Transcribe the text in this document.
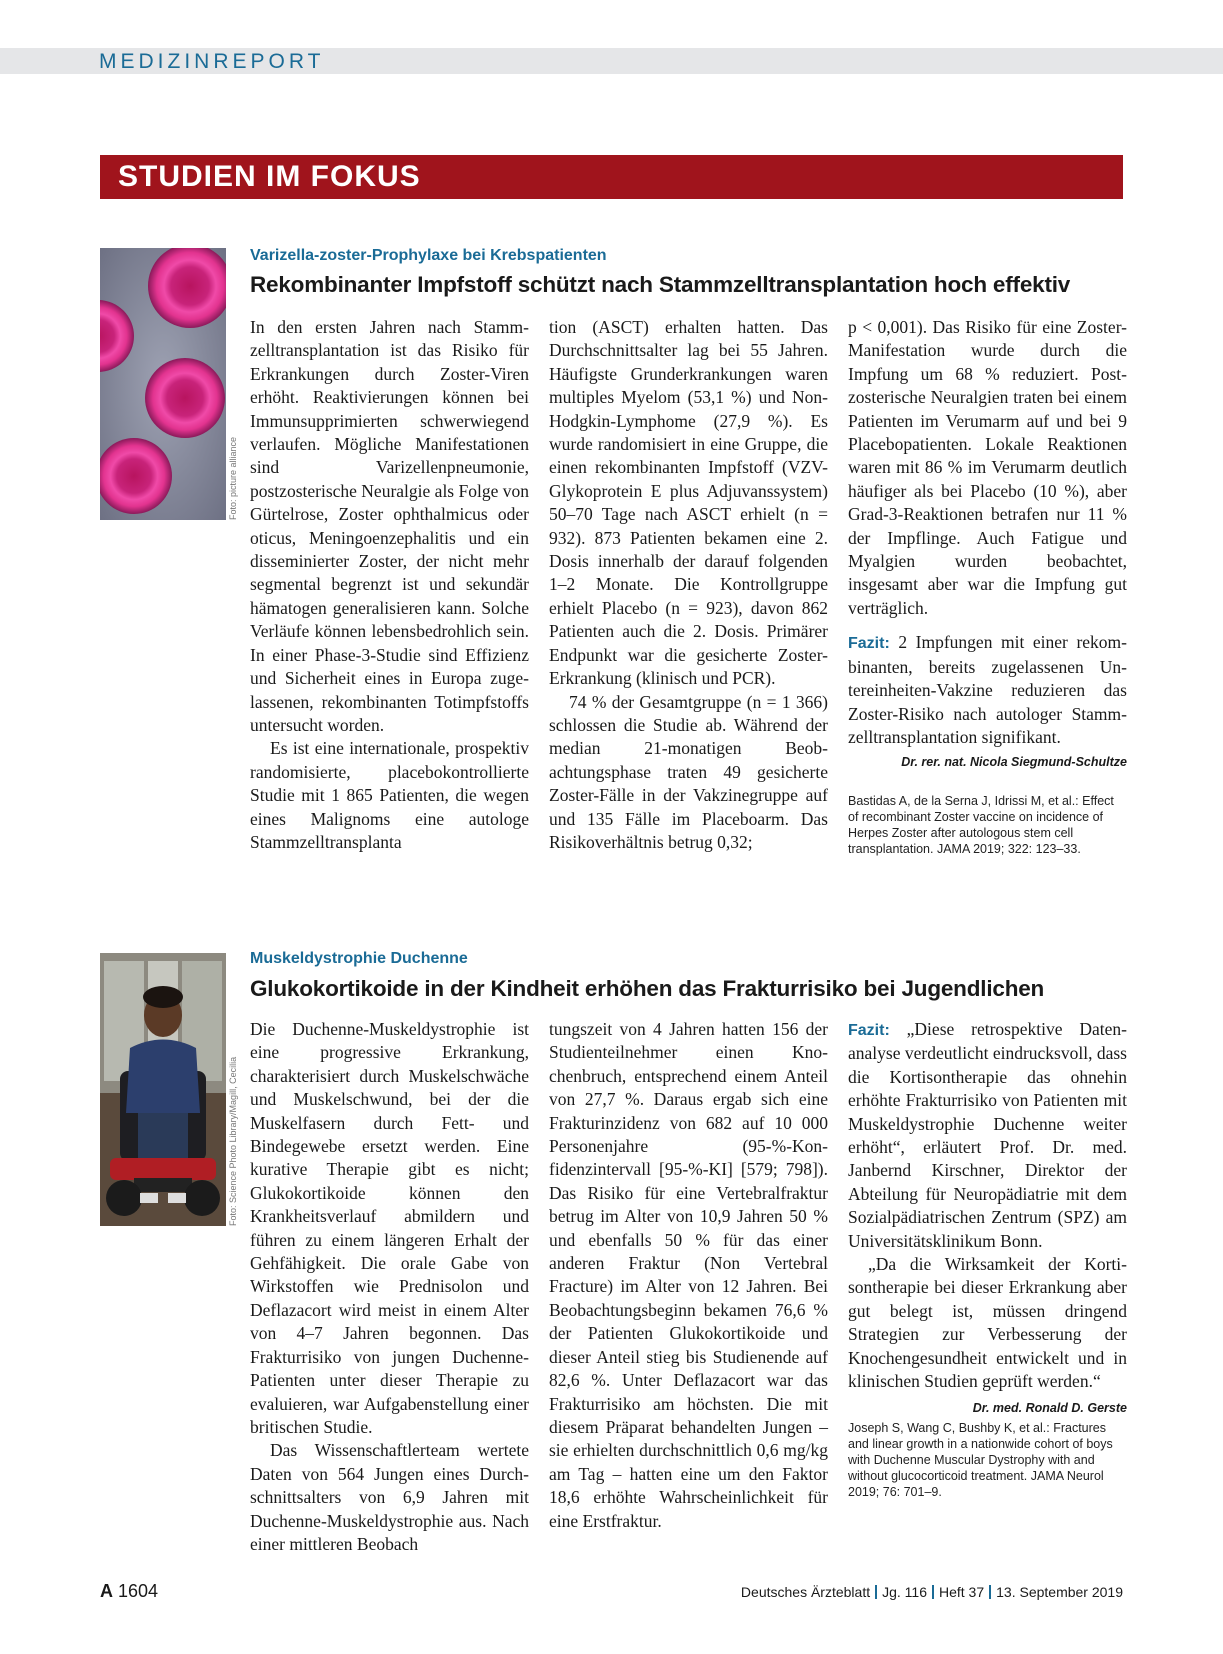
MEDIZINREPORT
STUDIEN IM FOKUS
Foto: picture alliance
Varizella-zoster-Prophylaxe bei Krebspatienten
Rekombinanter Impfstoff schützt nach Stammzelltransplantation hoch effektiv

In den ersten Jahren nach Stammzelltransplantation ist das Risiko für Erkrankungen durch Zoster-Viren erhöht. Reaktivierungen können bei Immunsupprimierten schwerwiegend verlaufen. Mögliche Manifestationen sind Varizellenpneumonie, postzosterische Neuralgie als Folge von Gürtelrose, Zoster ophthalmicus oder oticus, Meningoenzephalitis und ein disseminierter Zoster, der nicht mehr segmental begrenzt ist und sekundär hämatogen generalisieren kann. Solche Verläufe können lebensbedrohlich sein. In einer Phase-3-Studie sind Effizienz und Sicherheit eines in Europa zugelassenen, rekombinanten Totimpfstoffs untersucht worden.

Es ist eine internationale, prospektiv randomisierte, placebokontrollierte Studie mit 1 865 Patienten, die wegen eines Malignoms eine autologe Stammzelltransplanta

tion (ASCT) erhalten hatten. Das Durchschnittsalter lag bei 55 Jahren. Häufigste Grunderkrankungen waren multiples Myelom (53,1 %) und Non-Hodgkin-Lymphome (27,9 %). Es wurde randomisiert in eine Gruppe, die einen rekombinanten Impfstoff (VZV-Glykoprotein E plus Adjuvanssystem) 50–70 Tage nach ASCT erhielt (n = 932). 873 Patienten bekamen eine 2. Dosis innerhalb der darauf folgenden 1–2 Monate. Die Kontrollgruppe erhielt Placebo (n = 923), davon 862 Patienten auch die 2. Dosis. Primärer Endpunkt war die gesicherte Zoster-Erkrankung (klinisch und PCR).

74 % der Gesamtgruppe (n = 1 366) schlossen die Studie ab. Während der median 21-monatigen Beobachtungsphase traten 49 gesicherte Zoster-Fälle in der Vakzinegruppe auf und 135 Fälle im Placeboarm. Das Risikoverhältnis betrug 0,32;

p < 0,001). Das Risiko für eine Zoster-Manifestation wurde durch die Impfung um 68 % reduziert. Postzosterische Neuralgien traten bei einem Patienten im Verumarm auf und bei 9 Placebopatienten. Lokale Reaktionen waren mit 86 % im Verumarm deutlich häufiger als bei Placebo (10 %), aber Grad-3-Reaktionen betrafen nur 11 % der Impflinge. Auch Fatigue und Myalgien wurden beobachtet, insgesamt aber war die Impfung gut verträglich.

Fazit: 2 Impfungen mit einer rekombinanten, bereits zugelassenen Untereinheiten-Vakzine reduzieren das Zoster-Risiko nach autologer Stammzelltransplantation signifikant.

Dr. rer. nat. Nicola Siegmund-Schultze

Bastidas A, de la Serna J, Idrissi M, et al.: Effect of recombinant Zoster vaccine on incidence of Herpes Zoster after autologous stem cell transplantation. JAMA 2019; 322: 123–33.

Foto: Science Photo Library/Magill, Cecilia
Muskeldystrophie Duchenne
Glukokortikoide in der Kindheit erhöhen das Frakturrisiko bei Jugendlichen

Die Duchenne-Muskeldystrophie ist eine progressive Erkrankung, charakterisiert durch Muskelschwäche und Muskelschwund, bei der die Muskelfasern durch Fett- und Bindegewebe ersetzt werden. Eine kurative Therapie gibt es nicht; Glukokortikoide können den Krankheitsverlauf abmildern und führen zu einem längeren Erhalt der Gehfähigkeit. Die orale Gabe von Wirkstoffen wie Prednisolon und Deflazacort wird meist in einem Alter von 4–7 Jahren begonnen. Das Frakturrisiko von jungen Duchenne-Patienten unter dieser Therapie zu evaluieren, war Aufgabenstellung einer britischen Studie.

Das Wissenschaftlerteam wertete Daten von 564 Jungen eines Durchschnittsalters von 6,9 Jahren mit Duchenne-Muskeldystrophie aus. Nach einer mittleren Beobach

tungszeit von 4 Jahren hatten 156 der Studienteilnehmer einen Knochenbruch, entsprechend einem Anteil von 27,7 %. Daraus ergab sich eine Frakturinzidenz von 682 auf 10 000 Personenjahre (95-%-Konfidenzintervall [95-%-KI] [579; 798]). Das Risiko für eine Vertebralfraktur betrug im Alter von 10,9 Jahren 50 % und ebenfalls 50 % für das einer anderen Fraktur (Non Vertebral Fracture) im Alter von 12 Jahren. Bei Beobachtungsbeginn bekamen 76,6 % der Patienten Glukokortikoide und dieser Anteil stieg bis Studienende auf 82,6 %. Unter Deflazacort war das Frakturrisiko am höchsten. Die mit diesem Präparat behandelten Jungen – sie erhielten durchschnittlich 0,6 mg/kg am Tag – hatten eine um den Faktor 18,6 erhöhte Wahrscheinlichkeit für eine Erstfraktur.

Fazit: „Diese retrospektive Datenanalyse verdeutlicht eindrucksvoll, dass die Kortisontherapie das ohnehin erhöhte Frakturrisiko von Patienten mit Muskeldystrophie Duchenne weiter erhöht“, erläutert Prof. Dr. med. Janbernd Kirschner, Direktor der Abteilung für Neuropädiatrie mit dem Sozialpädiatrischen Zentrum (SPZ) am Universitätsklinikum Bonn.

„Da die Wirksamkeit der Kortisontherapie bei dieser Erkrankung aber gut belegt ist, müssen dringend Strategien zur Verbesserung der Knochengesundheit entwickelt und in klinischen Studien geprüft werden.“
Dr. med. Ronald D. Gerste

Joseph S, Wang C, Bushby K, et al.: Fractures and linear growth in a nationwide cohort of boys with Duchenne Muscular Dystrophy with and without glucocorticoid treatment. JAMA Neurol 2019; 76: 701–9.

A 1604	Deutsches Ärzteblatt Jg. 116 Heft 37 13. September 2019
